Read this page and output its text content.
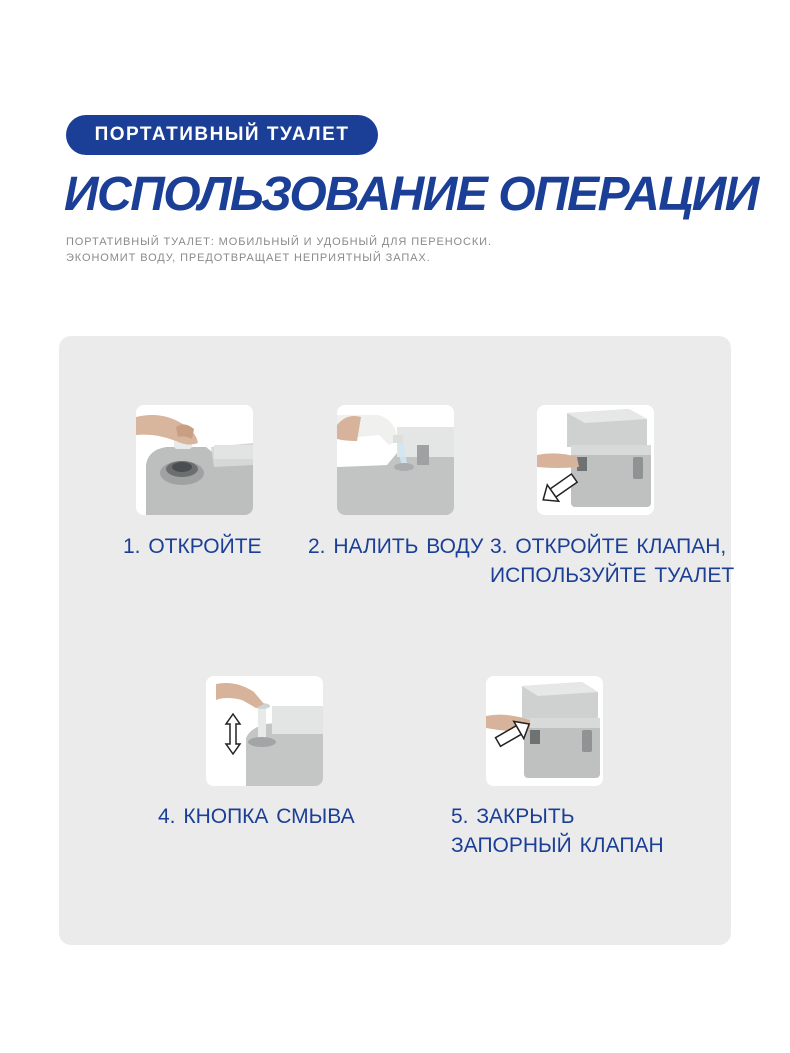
ПОРТАТИВНЫЙ ТУАЛЕТ
ИСПОЛЬЗОВАНИЕ ОПЕРАЦИИ
ПОРТАТИВНЫЙ ТУАЛЕТ: МОБИЛЬНЫЙ И УДОБНЫЙ ДЛЯ ПЕРЕНОСКИ.
ЭКОНОМИТ ВОДУ, ПРЕДОТВРАЩАЕТ НЕПРИЯТНЫЙ ЗАПАХ.
1. ОТКРОЙТЕ 2. НАЛИТЬ ВОДУ 3. ОТКРОЙТЕ КЛАПАН,
ИСПОЛЬЗУЙТЕ ТУАЛЕТ
4. КНОПКА СМЫВА	5. ЗАКРЫТЬ
ЗАПОРНЫЙ КЛАПАН
